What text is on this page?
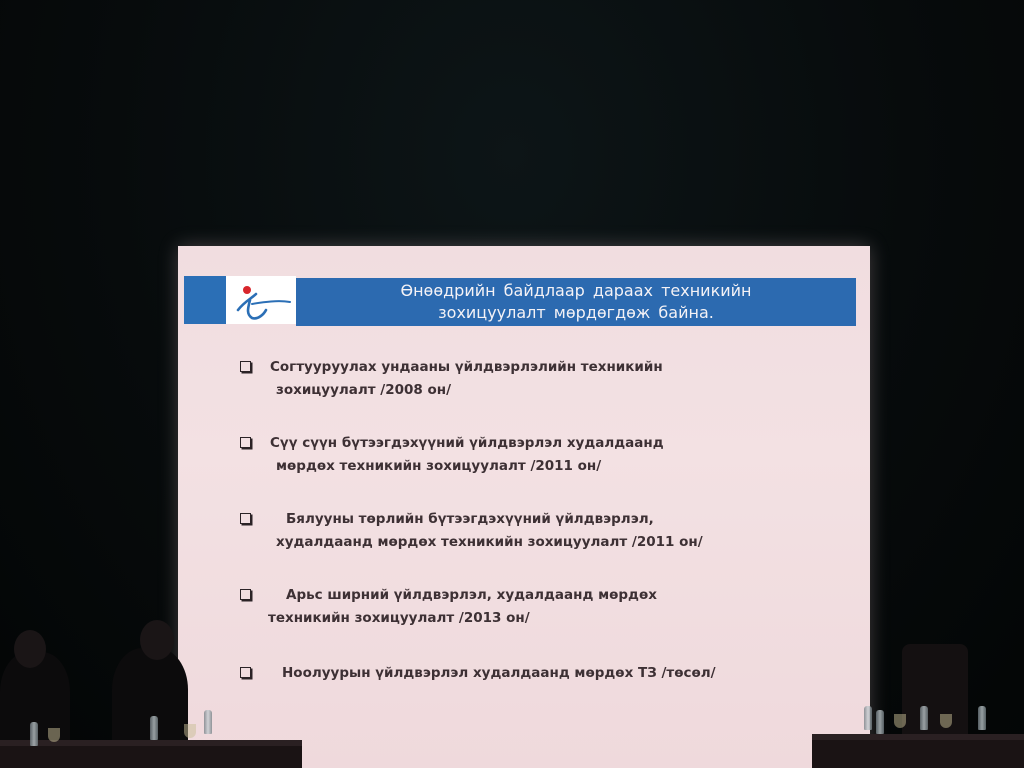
Өнөөдрийн байдлаар дараах техникийн
зохицуулалт мөрдөгдөж байна.
Согтууруулах ундааны үйлдвэрлэлийн техникийн
зохицуулалт /2008 он/
Сүү сүүн бүтээгдэхүүний үйлдвэрлэл худалдаанд
мөрдөх техникийн зохицуулалт /2011 он/
Бялууны төрлийн бүтээгдэхүүний үйлдвэрлэл,
худалдаанд мөрдөх техникийн зохицуулалт /2011 он/
Арьс ширний үйлдвэрлэл, худалдаанд мөрдөх
техникийн зохицуулалт /2013 он/
Ноолуурын үйлдвэрлэл худалдаанд мөрдөх ТЗ /төсөл/
